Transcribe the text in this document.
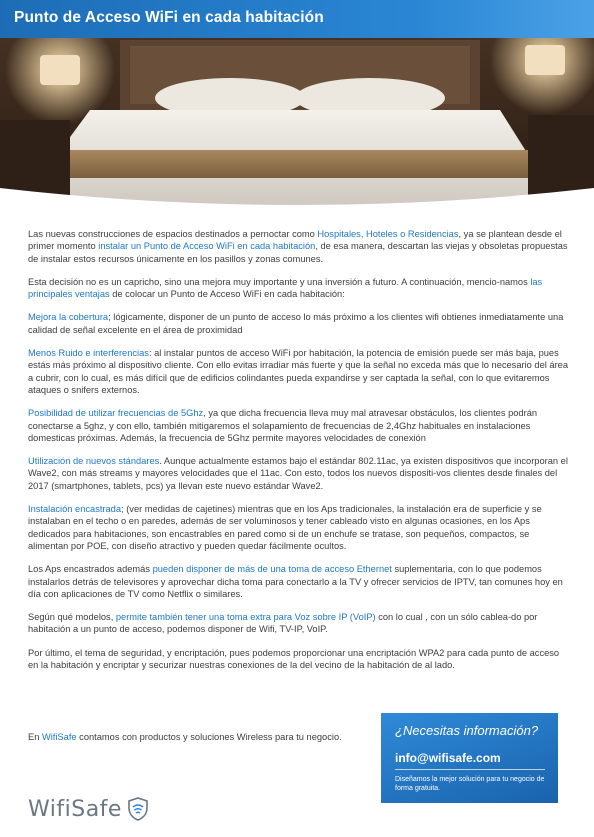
Punto de Acceso WiFi en cada habitación

Las nuevas construcciones de espacios destinados a pernoctar como Hospitales, Hoteles o Residencias, ya se plantean desde el primer momento instalar un Punto de Acceso WiFi en cada habitación, de esa manera, descartan las viejas y obsoletas propuestas de instalar estos recursos únicamente en los pasillos y zonas comunes.

Esta decisión no es un capricho, sino una mejora muy importante y una inversión a futuro. A continuación, mencio-namos las principales ventajas de colocar un Punto de Acceso WiFi en cada habitación:

Mejora la cobertura; lógicamente, disponer de un punto de acceso lo más próximo a los clientes wifi obtienes inmediatamente una calidad de señal excelente en el área de proximidad

Menos Ruido e interferencias: al instalar puntos de acceso WiFi por habitación, la potencia de emisión puede ser más baja, pues estás más próximo al dispositivo cliente. Con ello evitas irradiar más fuerte y que la señal no exceda más que lo necesario del área a cubrir, con lo cual, es más difícil que de edificios colindantes pueda expandirse y ser captada la señal, con lo que evitaremos ataques o snifers externos.

Posibilidad de utilizar frecuencias de 5Ghz, ya que dicha frecuencia lleva muy mal atravesar obstáculos, los clientes podrán conectarse a 5ghz, y con ello, también mitigaremos el solapamiento de frecuencias de 2,4Ghz habituales en instalaciones domesticas próximas. Además, la frecuencia de 5Ghz permite mayores velocidades de conexión

Utilización de nuevos stándares. Aunque actualmente estamos bajo el estándar 802.11ac, ya existen dispositivos que incorporan el Wave2, con más streams y mayores velocidades que el 11ac. Con esto, todos los nuevos dispositi-vos clientes desde finales del 2017 (smartphones, tablets, pcs) ya llevan este nuevo estándar Wave2.

Instalación encastrada; (ver medidas de cajetines) mientras que en los Aps tradicionales, la instalación era de superficie y se instalaban en el techo o en paredes, además de ser voluminosos y tener cableado visto en algunas ocasiones, en los Aps dedicados para habitaciones, son encastrables en pared como si de un enchufe se tratase, son pequeños, compactos, se alimentan por POE, con diseño atractivo y pueden quedar fácilmente ocultos.

Los Aps encastrados además pueden disponer de más de una toma de acceso Ethernet suplementaria, con lo que podemos instalarlos detrás de televisores y aprovechar dicha toma para conectarlo a la TV y ofrecer servicios de IPTV, tan comunes hoy en día con aplicaciones de TV como Netflix o similares.

Según qué modelos, permite también tener una toma extra para Voz sobre IP (VoIP) con lo cual , con un sólo cablea-do por habitación a un punto de acceso, podemos disponer de Wifi, TV-IP, VoIP.

Por último, el tema de seguridad, y encriptación, pues podemos proporcionar una encriptación WPA2 para cada punto de acceso en la habitación y encriptar y securizar nuestras conexiones de la del vecino de la habitación de al lado.

En WifiSafe contamos con productos y soluciones Wireless para tu negocio.	¿Necesitas información?
info@wifisafe.com
Diseñamos la mejor solución para tu negocio de forma gratuita.
WifiSafe
